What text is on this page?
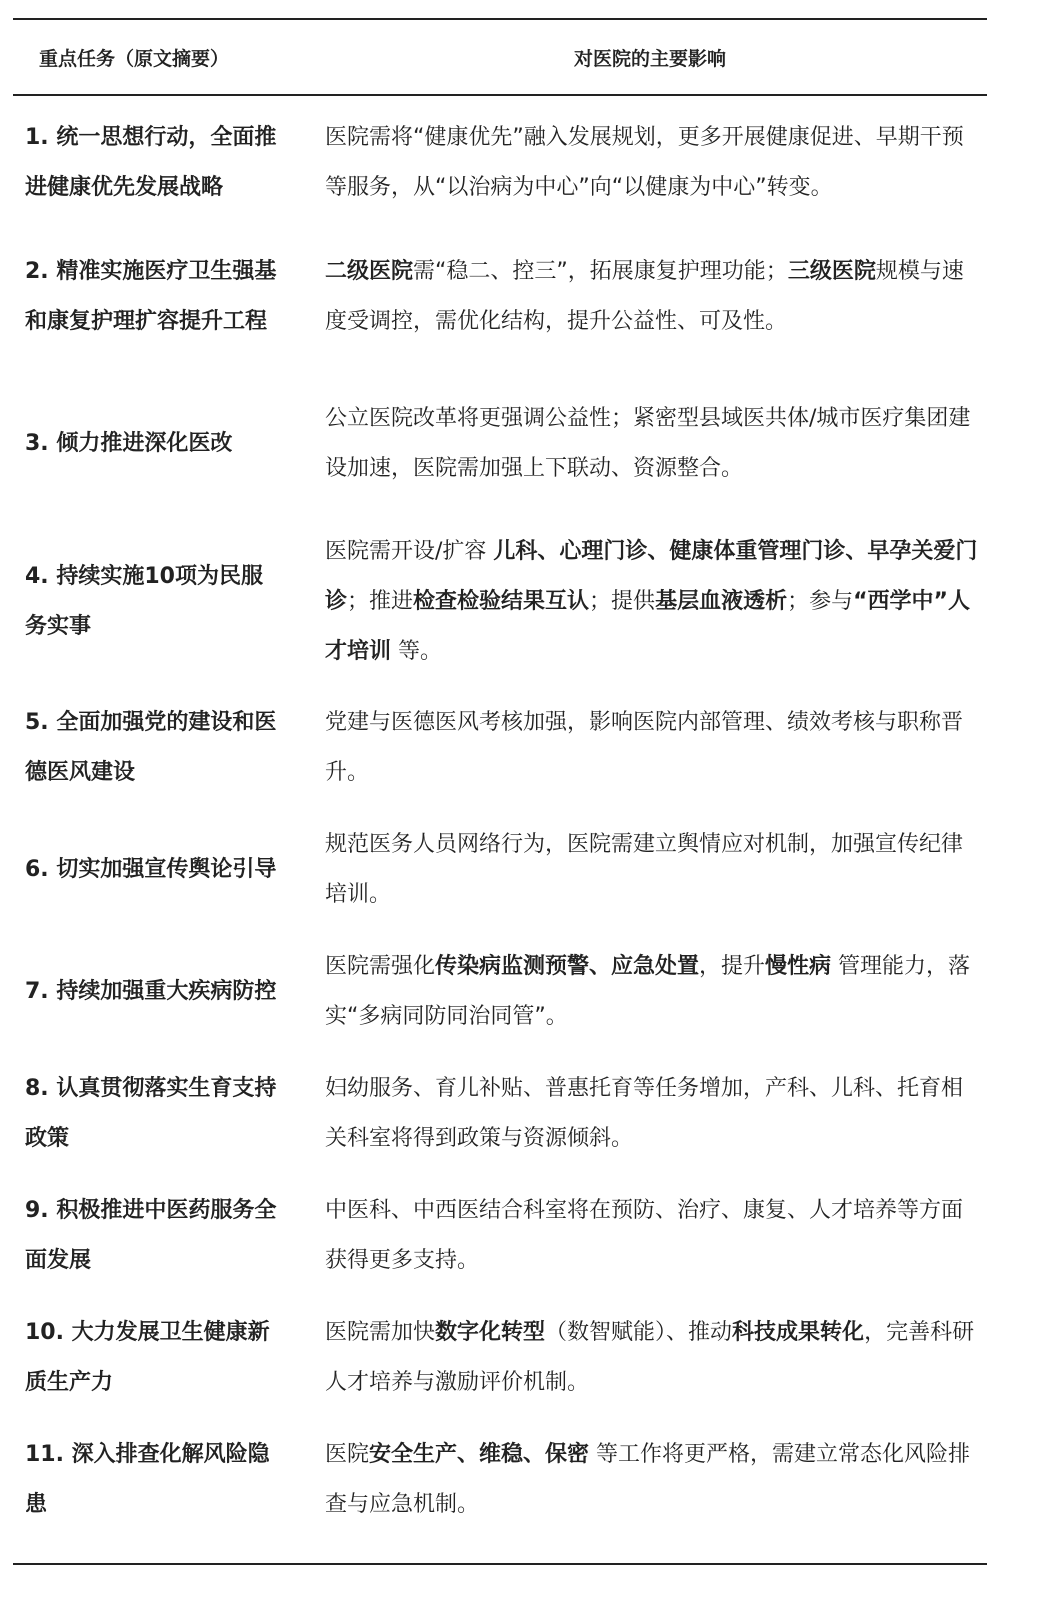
重点任务（原文摘要）	对医院的主要影响
1. 统一思想行动，全面推进健康优先发展战略
医院需将“健康优先”融入发展规划，更多开展健康促进、早期干预等服务，从“以治病为中心”向“以健康为中心”转变。
2. 精准实施医疗卫生强基和康复护理扩容提升工程
二级医院需“稳二、控三”，拓展康复护理功能；三级医院规模与速度受调控，需优化结构，提升公益性、可及性。
3. 倾力推进深化医改
公立医院改革将更强调公益性；紧密型县域医共体/城市医疗集团建设加速，医院需加强上下联动、资源整合。
4. 持续实施10项为民服务实事
医院需开设/扩容 儿科、心理门诊、健康体重管理门诊、早孕关爱门诊；推进检查检验结果互认；提供基层血液透析；参与“西学中”人才培训 等。
5. 全面加强党的建设和医德医风建设
党建与医德医风考核加强，影响医院内部管理、绩效考核与职称晋升。
6. 切实加强宣传舆论引导
规范医务人员网络行为，医院需建立舆情应对机制，加强宣传纪律培训。
7. 持续加强重大疾病防控
医院需强化传染病监测预警、应急处置，提升慢性病 管理能力，落实“多病同防同治同管”。
8. 认真贯彻落实生育支持政策
妇幼服务、育儿补贴、普惠托育等任务增加，产科、儿科、托育相关科室将得到政策与资源倾斜。
9. 积极推进中医药服务全面发展
中医科、中西医结合科室将在预防、治疗、康复、人才培养等方面获得更多支持。
10. 大力发展卫生健康新质生产力
医院需加快数字化转型（数智赋能）、推动科技成果转化，完善科研人才培养与激励评价机制。
11. 深入排查化解风险隐患
医院安全生产、维稳、保密 等工作将更严格，需建立常态化风险排查与应急机制。
